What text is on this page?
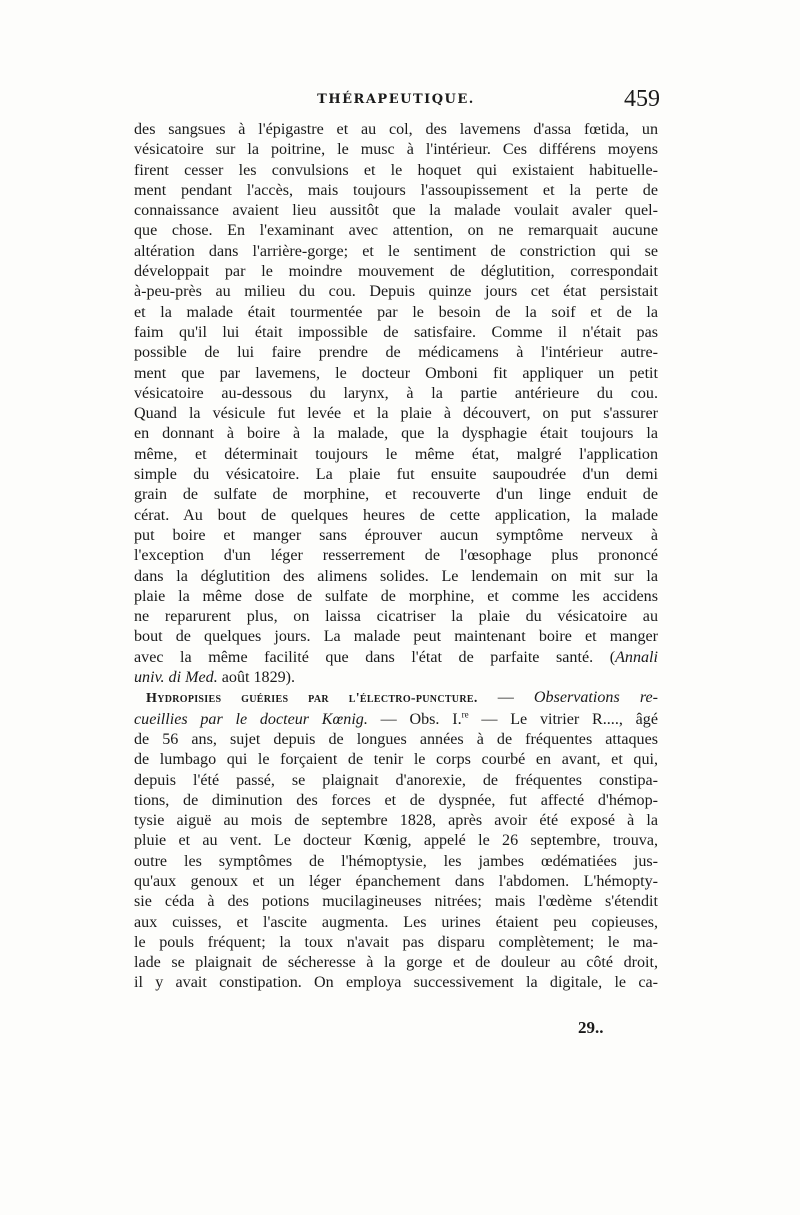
THÉRAPEUTIQUE.	459
des sangsues à l'épigastre et au col, des lavemens d'assa fœtida, un
vésicatoire sur la poitrine, le musc à l'intérieur. Ces différens moyens
firent cesser les convulsions et le hoquet qui existaient habituelle-
ment pendant l'accès, mais toujours l'assoupissement et la perte de
connaissance avaient lieu aussitôt que la malade voulait avaler quel-
que chose. En l'examinant avec attention, on ne remarquait aucune
altération dans l'arrière-gorge; et le sentiment de constriction qui se
développait par le moindre mouvement de déglutition, correspondait
à-peu-près au milieu du cou. Depuis quinze jours cet état persistait
et la malade était tourmentée par le besoin de la soif et de la
faim qu'il lui était impossible de satisfaire. Comme il n'était pas
possible de lui faire prendre de médicamens à l'intérieur autre-
ment que par lavemens, le docteur Omboni fit appliquer un petit
vésicatoire au-dessous du larynx, à la partie antérieure du cou.
Quand la vésicule fut levée et la plaie à découvert, on put s'assurer
en donnant à boire à la malade, que la dysphagie était toujours la
même, et déterminait toujours le même état, malgré l'application
simple du vésicatoire. La plaie fut ensuite saupoudrée d'un demi
grain de sulfate de morphine, et recouverte d'un linge enduit de
cérat. Au bout de quelques heures de cette application, la malade
put boire et manger sans éprouver aucun symptôme nerveux à
l'exception d'un léger resserrement de l'œsophage plus prononcé
dans la déglutition des alimens solides. Le lendemain on mit sur la
plaie la même dose de sulfate de morphine, et comme les accidens
ne reparurent plus, on laissa cicatriser la plaie du vésicatoire au
bout de quelques jours. La malade peut maintenant boire et manger
avec la même facilité que dans l'état de parfaite santé. (Annali
univ. di Med. août 1829).
Hydropisies guéries par l'électro-puncture. — Observations re-
cueillies par le docteur Kœnig. — Obs. I.$^{re}$ — Le vitrier R...., âgé
de 56 ans, sujet depuis de longues années à de fréquentes attaques
de lumbago qui le forçaient de tenir le corps courbé en avant, et qui,
depuis l'été passé, se plaignait d'anorexie, de fréquentes constipa-
tions, de diminution des forces et de dyspnée, fut affecté d'hémop-
tysie aiguë au mois de septembre 1828, après avoir été exposé à la
pluie et au vent. Le docteur Kœnig, appelé le 26 septembre, trouva,
outre les symptômes de l'hémoptysie, les jambes œdématiées jus-
qu'aux genoux et un léger épanchement dans l'abdomen. L'hémopty-
sie céda à des potions mucilagineuses nitrées; mais l'œdème s'étendit
aux cuisses, et l'ascite augmenta. Les urines étaient peu copieuses,
le pouls fréquent; la toux n'avait pas disparu complètement; le ma-
lade se plaignait de sécheresse à la gorge et de douleur au côté droit,
il y avait constipation. On employa successivement la digitale, le ca-
29..
